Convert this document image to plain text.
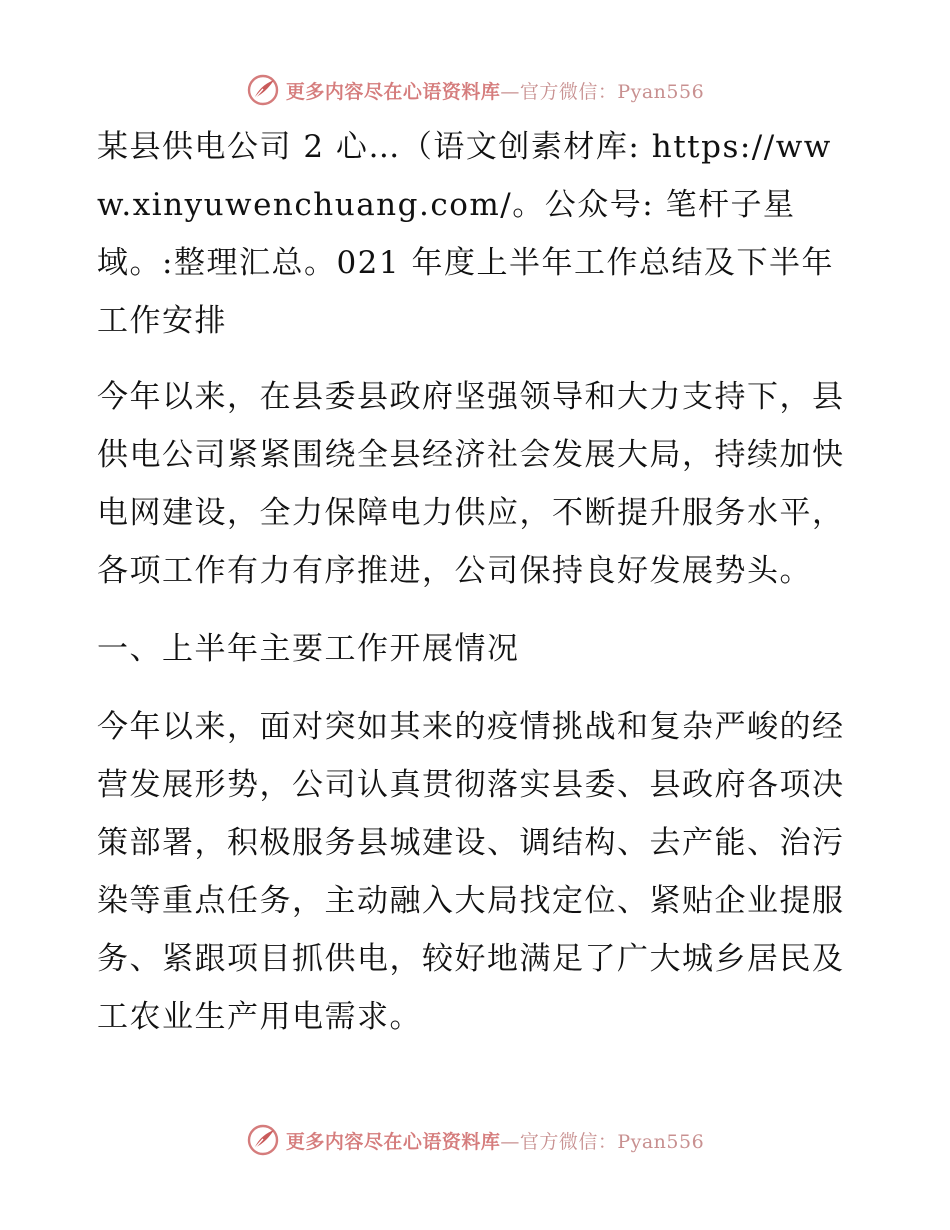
更多内容尽在心语资料库—官方微信：Pyan556

某县供电公司 2 心…（语文创素材库: https://www.xinyuwenchuang.com/。公众号: 笔杆子星域。:整理汇总。021 年度上半年工作总结及下半年工作安排

今年以来，在县委县政府坚强领导和大力支持下，县供电公司紧紧围绕全县经济社会发展大局，持续加快电网建设，全力保障电力供应，不断提升服务水平，各项工作有力有序推进，公司保持良好发展势头。

一、上半年主要工作开展情况

今年以来，面对突如其来的疫情挑战和复杂严峻的经营发展形势，公司认真贯彻落实县委、县政府各项决策部署，积极服务县城建设、调结构、去产能、治污染等重点任务，主动融入大局找定位、紧贴企业提服务、紧跟项目抓供电，较好地满足了广大城乡居民及工农业生产用电需求。

更多内容尽在心语资料库—官方微信：Pyan556
